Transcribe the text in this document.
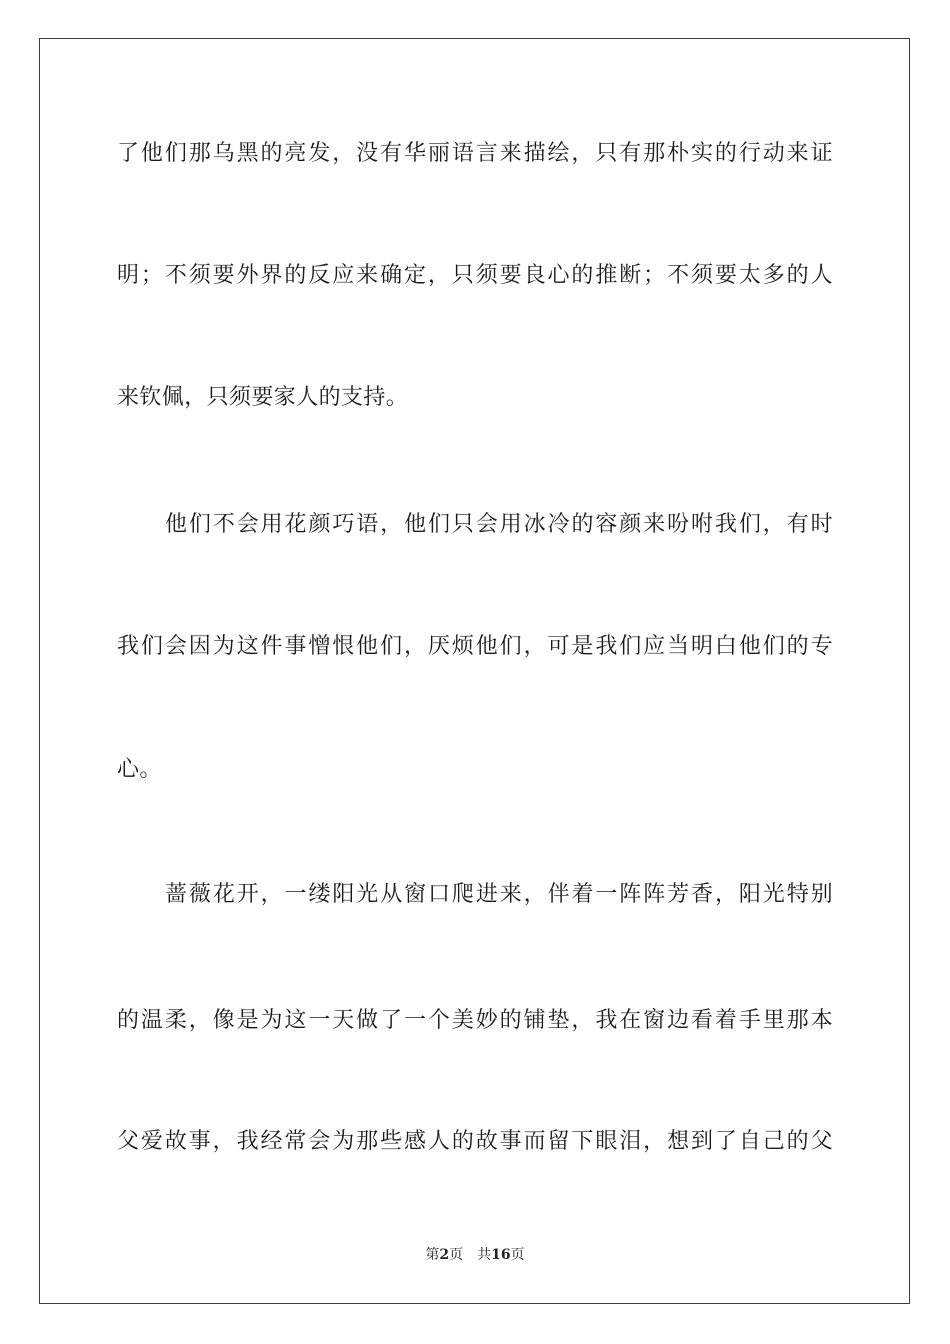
了他们那乌黑的亮发，没有华丽语言来描绘，只有那朴实的行动来证
明；不须要外界的反应来确定，只须要良心的推断；不须要太多的人
来钦佩，只须要家人的支持。
他们不会用花颜巧语，他们只会用冰冷的容颜来吩咐我们，有时
我们会因为这件事憎恨他们，厌烦他们，可是我们应当明白他们的专
心。
蔷薇花开，一缕阳光从窗口爬进来，伴着一阵阵芳香，阳光特别
的温柔，像是为这一天做了一个美妙的铺垫，我在窗边看着手里那本
父爱故事，我经常会为那些感人的故事而留下眼泪，想到了自己的父
第2页 共16页
